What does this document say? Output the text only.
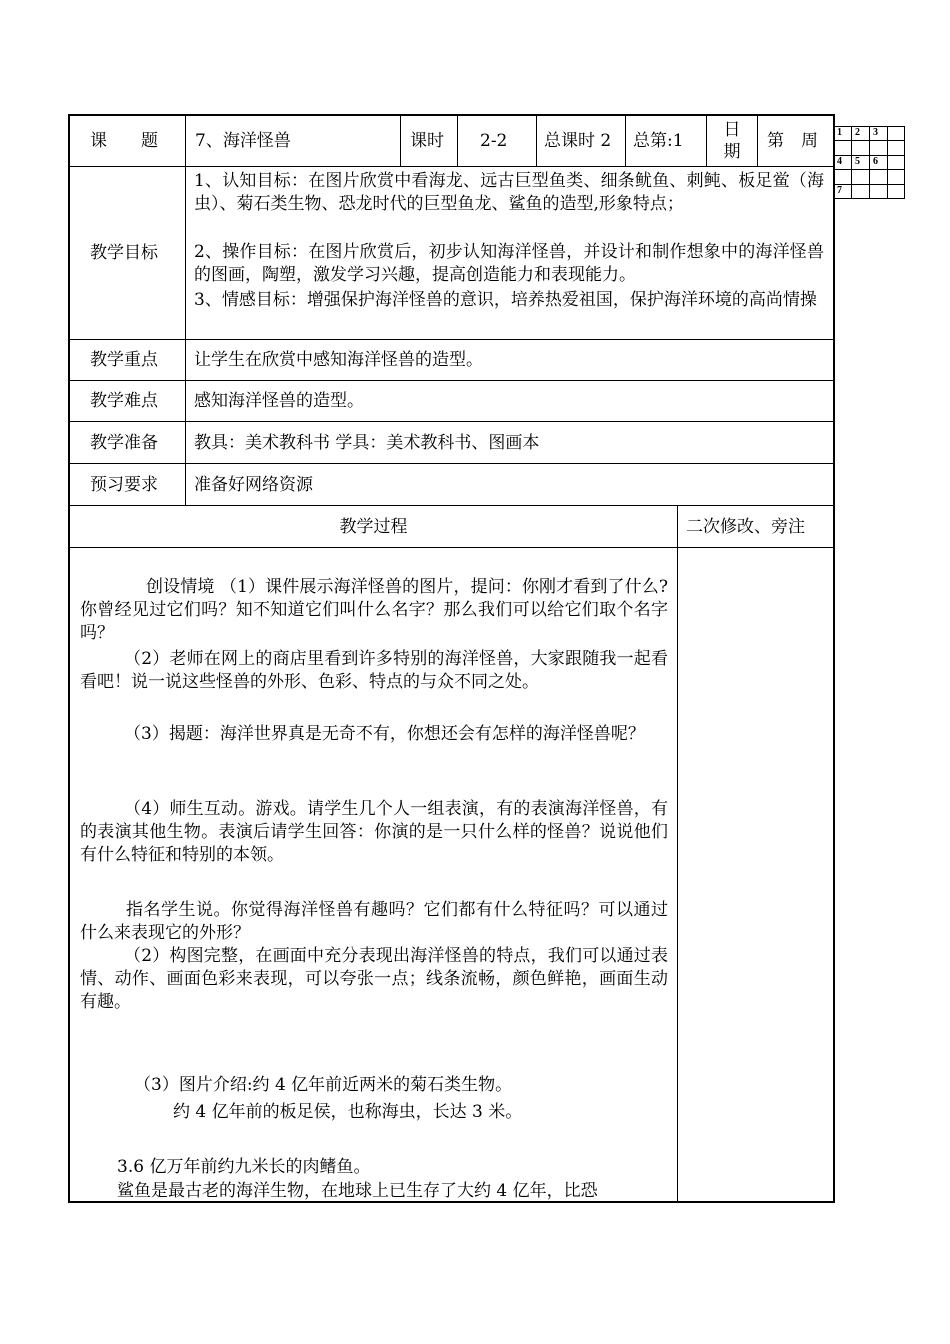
课　　题 7、海洋怪兽	课时 2-2 总课时 2 总第:1
日期
第　周 1 2 3
4 5 6
7
教学目标
1、认知目标：在图片欣赏中看海龙、远古巨型鱼类、细条鱿鱼、刺鲀、板足鲎（海虫）、菊石类生物、恐龙时代的巨型鱼龙、鲨鱼的造型,形象特点；
2、操作目标：在图片欣赏后，初步认知海洋怪兽，并设计和制作想象中的海洋怪兽的图画，陶塑，激发学习兴趣，提高创造能力和表现能力。
3、情感目标：增强保护海洋怪兽的意识，培养热爱祖国，保护海洋环境的高尚情操
教学重点 让学生在欣赏中感知海洋怪兽的造型。
教学难点 感知海洋怪兽的造型。
教学准备 教具：美术教科书 学具：美术教科书、图画本
预习要求 准备好网络资源
教学过程	二次修改、旁注
创设情境 （1）课件展示海洋怪兽的图片，提问：你刚才看到了什么?你曾经见过它们吗？知不知道它们叫什么名字？那么我们可以给它们取个名字吗？
（2）老师在网上的商店里看到许多特别的海洋怪兽，大家跟随我一起看看吧！说一说这些怪兽的外形、色彩、特点的与众不同之处。
（3）揭题：海洋世界真是无奇不有，你想还会有怎样的海洋怪兽呢？
（4）师生互动。游戏。请学生几个人一组表演，有的表演海洋怪兽，有的表演其他生物。表演后请学生回答：你演的是一只什么样的怪兽？说说他们有什么特征和特别的本领。
指名学生说。你觉得海洋怪兽有趣吗？它们都有什么特征吗？可以通过什么来表现它的外形？
（2）构图完整，在画面中充分表现出海洋怪兽的特点，我们可以通过表情、动作、画面色彩来表现，可以夸张一点；线条流畅，颜色鲜艳，画面生动有趣。
（3）图片介绍:约 4 亿年前近两米的菊石类生物。
约 4 亿年前的板足侯，也称海虫，长达 3 米。
3.6 亿万年前约九米长的肉鳍鱼。
鲨鱼是最古老的海洋生物，在地球上已生存了大约 4 亿年，比恐
